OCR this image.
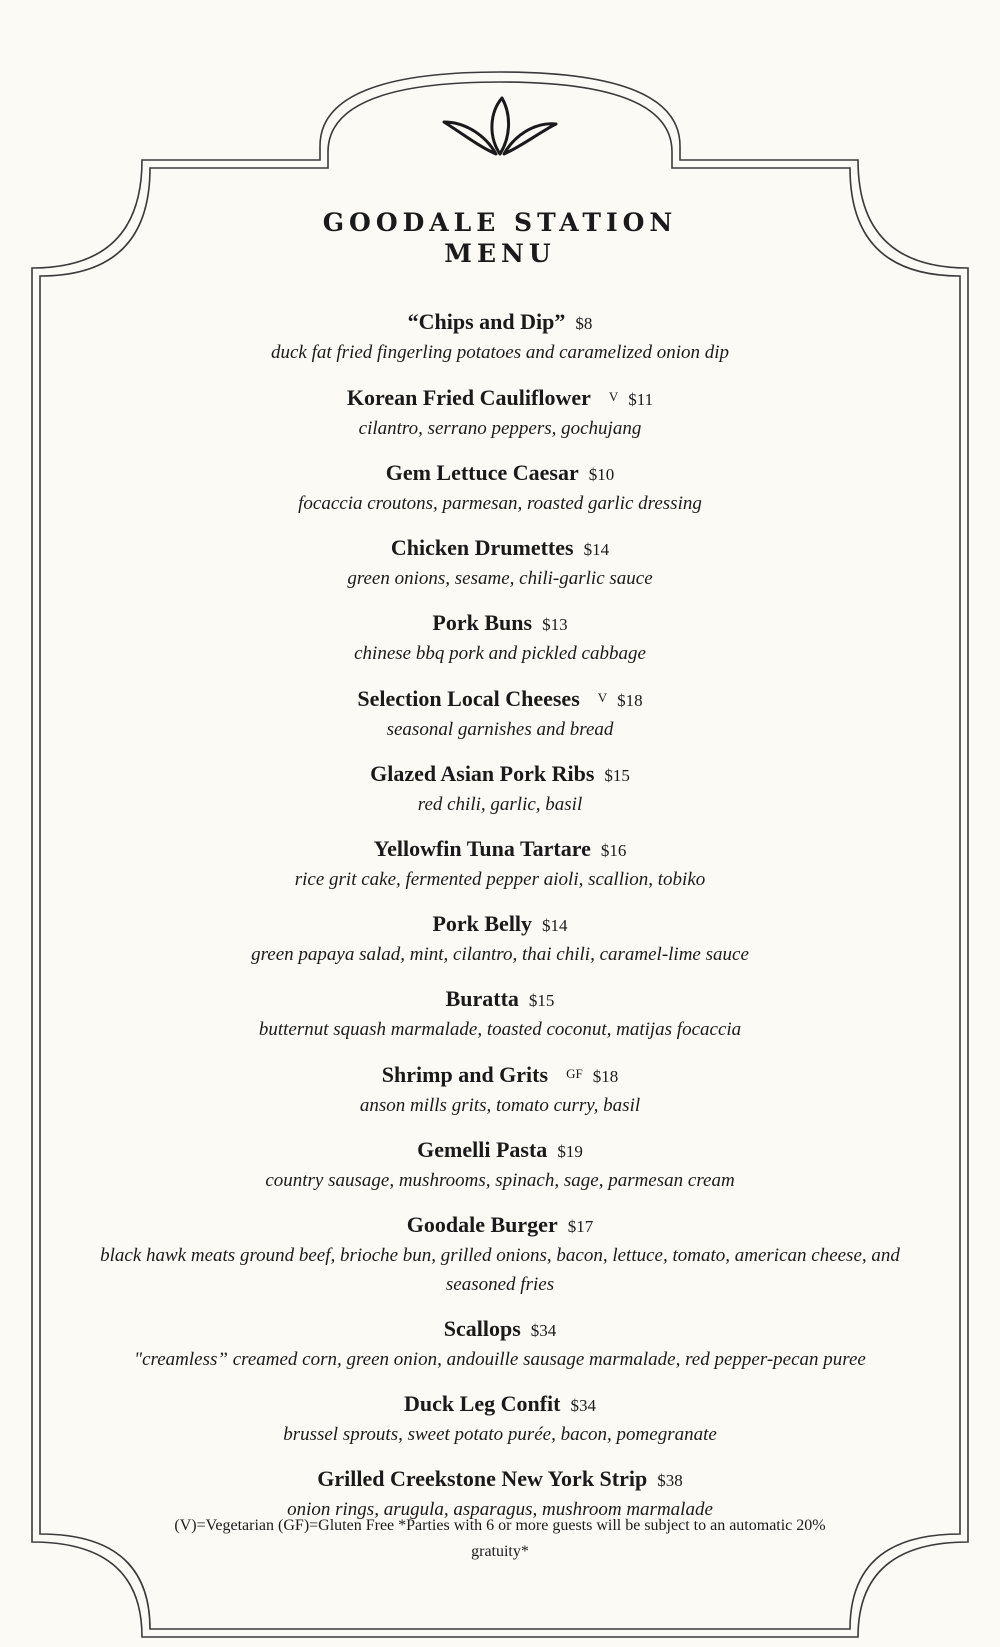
GOODALE STATION
MENU
“Chips and Dip” $8
duck fat fried fingerling potatoes and caramelized onion dip
Korean Fried Cauliflower V $11
cilantro, serrano peppers, gochujang
Gem Lettuce Caesar $10
focaccia croutons, parmesan, roasted garlic dressing
Chicken Drumettes $14
green onions, sesame, chili-garlic sauce
Pork Buns $13
chinese bbq pork and pickled cabbage
Selection Local Cheeses V $18
seasonal garnishes and bread
Glazed Asian Pork Ribs $15
red chili, garlic, basil
Yellowfin Tuna Tartare $16
rice grit cake, fermented pepper aioli, scallion, tobiko
Pork Belly $14
green papaya salad, mint, cilantro, thai chili, caramel-lime sauce
Buratta $15
butternut squash marmalade, toasted coconut, matijas focaccia
Shrimp and Grits GF $18
anson mills grits, tomato curry, basil
Gemelli Pasta $19
country sausage, mushrooms, spinach, sage, parmesan cream
Goodale Burger $17
black hawk meats ground beef, brioche bun, grilled onions, bacon, lettuce, tomato, american cheese, and seasoned fries
Scallops $34
"creamless” creamed corn, green onion, andouille sausage marmalade, red pepper-pecan puree
Duck Leg Confit $34
brussel sprouts, sweet potato purée, bacon, pomegranate
Grilled Creekstone New York Strip $38
onion rings, arugula, asparagus, mushroom marmalade
(V)=Vegetarian (GF)=Gluten Free *Parties with 6 or more guests will be subject to an automatic 20% gratuity*
